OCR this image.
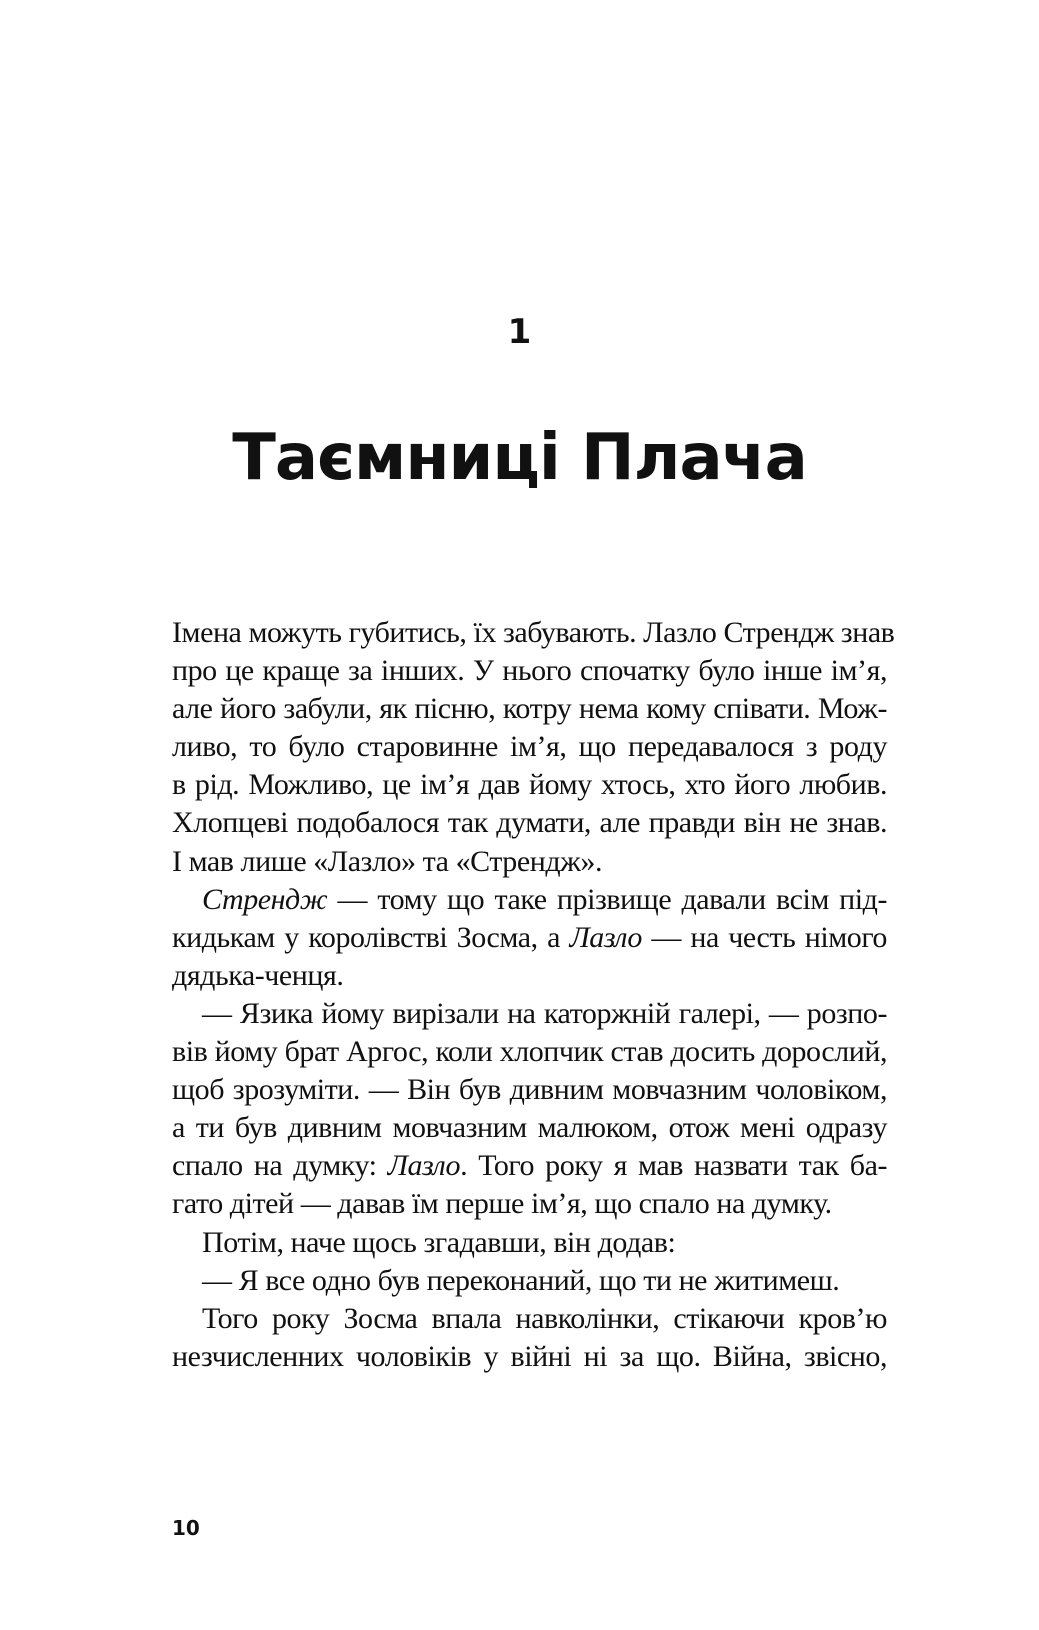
1
Таємниці Плача
Імена можуть губитись, їх забувають. Лазло Стрендж знав
про це краще за інших. У нього спочатку було інше ім’я,
але його забули, як пісню, котру нема кому співати. Мож-
ливо, то було старовинне ім’я, що передавалося з роду
в рід. Можливо, це ім’я дав йому хтось, хто його любив.
Хлопцеві подобалося так думати, але правди він не знав.
І мав лише «Лазло» та «Стрендж».
Стрендж — тому що таке прізвище давали всім під-
кидькам у королівстві Зосма, а Лазло — на честь німого
дядька-ченця.
— Язика йому вирізали на каторжній галері, — розпо-
вів йому брат Аргос, коли хлопчик став досить дорослий,
щоб зрозуміти. — Він був дивним мовчазним чоловіком,
а ти був дивним мовчазним малюком, отож мені одразу
спало на думку: Лазло. Того року я мав назвати так ба-
гато дітей — давав їм перше ім’я, що спало на думку.
Потім, наче щось згадавши, він додав:
— Я все одно був переконаний, що ти не житимеш.
Того року Зосма впала навколінки, стікаючи кров’ю
незчисленних чоловіків у війні ні за що. Війна, звісно,
10
